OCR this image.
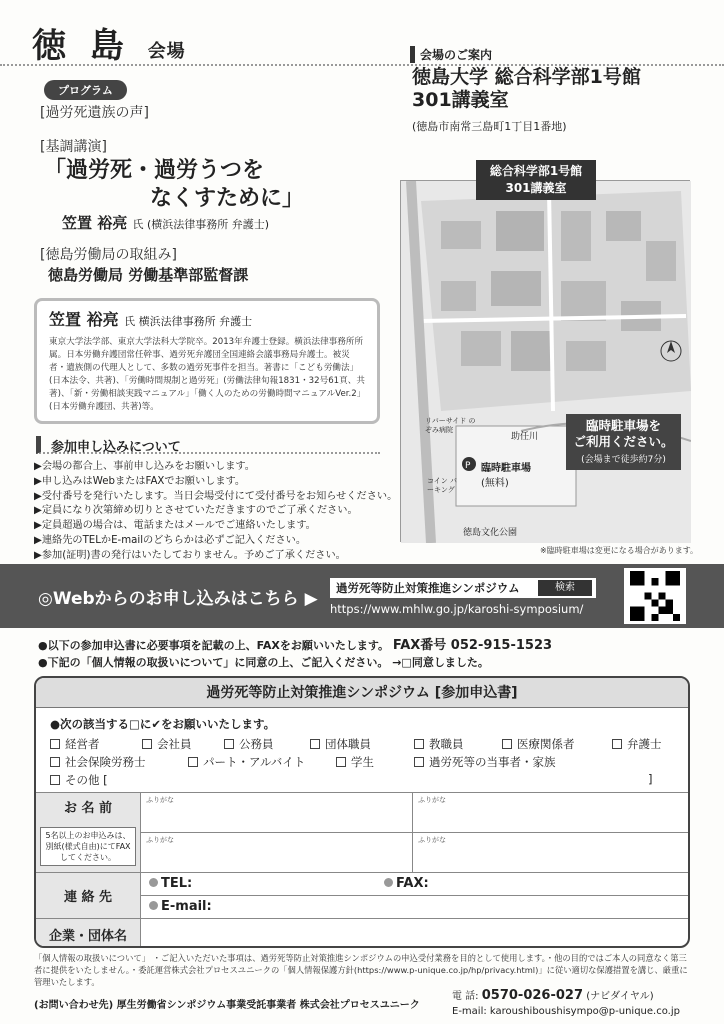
徳 島 会場
プログラム
[過労死遺族の声]
[基調講演]
「過労死・過労うつを
なくすために」
笠置 裕亮 氏 (横浜法律事務所 弁護士)
[徳島労働局の取組み]
徳島労働局 労働基準部監督課
笠置 裕亮 氏 横浜法律事務所 弁護士
東京大学法学部、東京大学法科大学院卒。2013年弁護士登録。横浜法律事務所所属。日本労働弁護団常任幹事、過労死弁護団全国連絡会議事務局弁護士。被災者・遺族側の代理人として、多数の過労死事件を担当。著書に「こども労働法」(日本法令、共著)、「労働時間規制と過労死」(労働法律旬報1831・32号61頁、共著)、「新・労働相談実践マニュアル」「働く人のための労働時間マニュアルVer.2」(日本労働弁護団、共著)等。
参加申し込みについて
▶会場の都合上、事前申し込みをお願いします。
▶申し込みはWebまたはFAXでお願いします。
▶受付番号を発行いたします。当日会場受付にて受付番号をお知らせください。
▶定員になり次第締め切りとさせていただきますのでご了承ください。
▶定員超過の場合は、電話またはメールでご連絡いたします。
▶連絡先のTELかE-mailのどちらかは必ずご記入ください。
▶参加(証明)書の発行はいたしておりません。予めご了承ください。
会場のご案内
徳島大学 総合科学部1号館
301講義室
(徳島市南常三島町1丁目1番地)
P 臨時駐車場
(無料)
助任川
徳島文化公園
コイン パーキング
リバーサイド のぞみ病院
総合科学部1号館
301講義室
臨時駐車場を
ご利用ください。
(会場まで徒歩約7分)
※臨時駐車場は変更になる場合があります。
◎Webからのお申し込みはこちら ▶
過労死等防止対策推進シンポジウム	検索
https://www.mhlw.go.jp/karoshi-symposium/
●以下の参加申込書に必要事項を記載の上、FAXをお願いいたします。 FAX番号 052-915-1523
●下記の「個人情報の取扱いについて」に同意の上、ご記入ください。 →□同意しました。
過労死等防止対策推進シンポジウム [参加申込書]
●次の該当する□に✔をお願いいたします。
経営者	会社員	公務員	団体職員	教職員	医療関係者	弁護士
社会保険労務士	パート・アルバイト	学生	過労死等の当事者・家族
その他 [	]
お 名 前
5名以上のお申込みは、別紙(様式自由)にてFAXしてください。
ふりがな	ふりがな
ふりがな	ふりがな
連 絡 先
TEL:	FAX:
E-mail:
企業・団体名
「個人情報の取扱いについて」 ・ご記入いただいた事項は、過労死等防止対策推進シンポジウムの申込受付業務を目的として使用します。・他の目的ではご本人の同意なく第三者に提供をいたしません。・委託運営株式会社プロセスユニークの「個人情報保護方針(https://www.p-unique.co.jp/hp/privacy.html)」に従い適切な保護措置を講じ、厳重に管理いたします。
(お問い合わせ先) 厚生労働省シンポジウム事業受託事業者 株式会社プロセスユニーク
電 話: 0570-026-027 (ナビダイヤル)
E-mail: karoushiboushisympo@p-unique.co.jp
